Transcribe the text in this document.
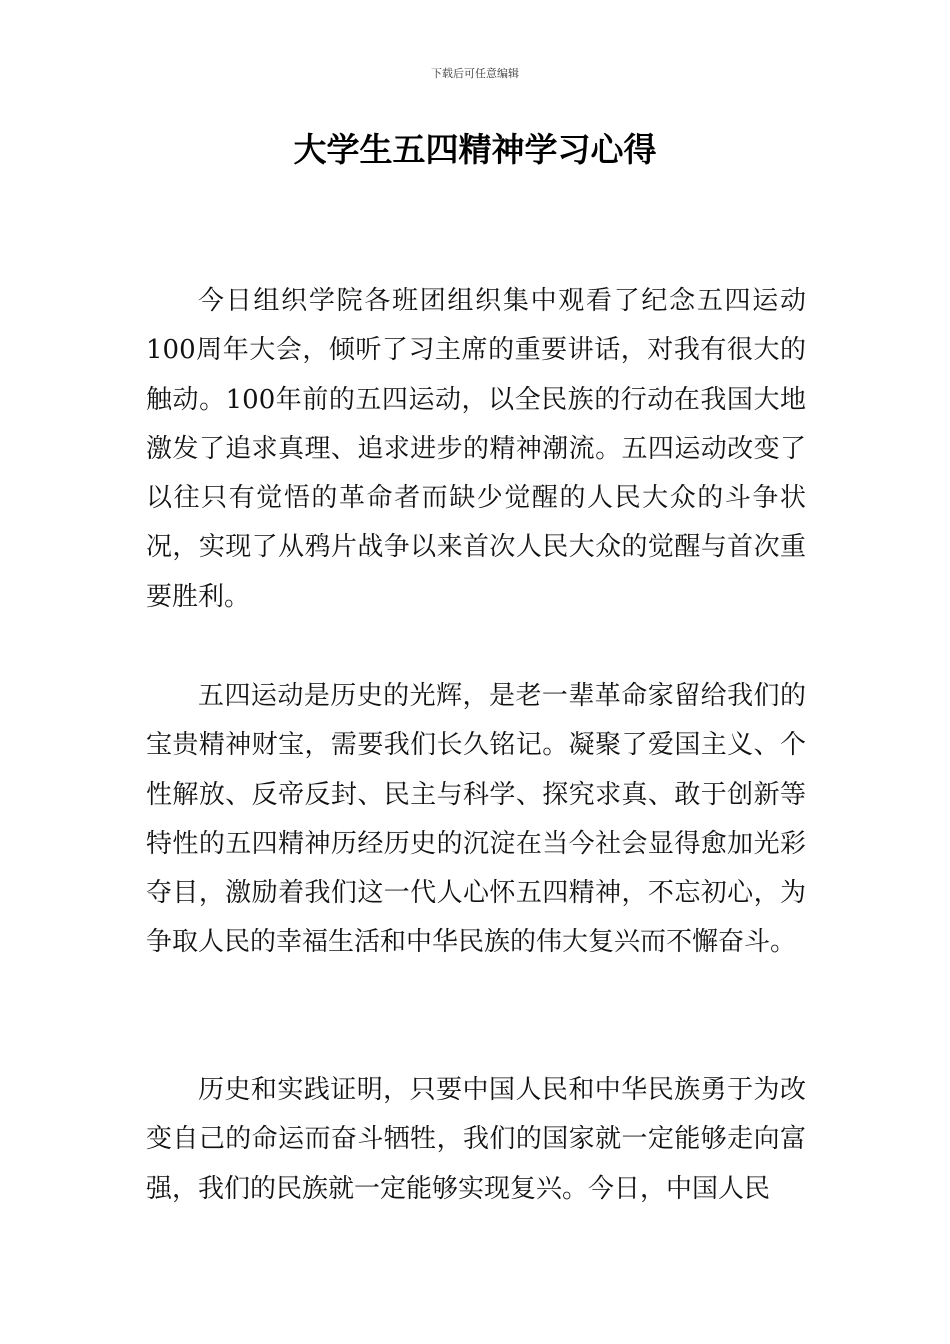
下载后可任意编辑
大学生五四精神学习心得

今日组织学院各班团组织集中观看了纪念五四运动100周年大会，倾听了习主席的重要讲话，对我有很大的触动。100年前的五四运动，以全民族的行动在我国大地激发了追求真理、追求进步的精神潮流。五四运动改变了以往只有觉悟的革命者而缺少觉醒的人民大众的斗争状况，实现了从鸦片战争以来首次人民大众的觉醒与首次重要胜利。

五四运动是历史的光辉，是老一辈革命家留给我们的宝贵精神财宝，需要我们长久铭记。凝聚了爱国主义、个性解放、反帝反封、民主与科学、探究求真、敢于创新等特性的五四精神历经历史的沉淀在当今社会显得愈加光彩夺目，激励着我们这一代人心怀五四精神，不忘初心，为争取人民的幸福生活和中华民族的伟大复兴而不懈奋斗。

历史和实践证明，只要中国人民和中华民族勇于为改变自己的命运而奋斗牺牲，我们的国家就一定能够走向富强，我们的民族就一定能够实现复兴。今日，中国人民
